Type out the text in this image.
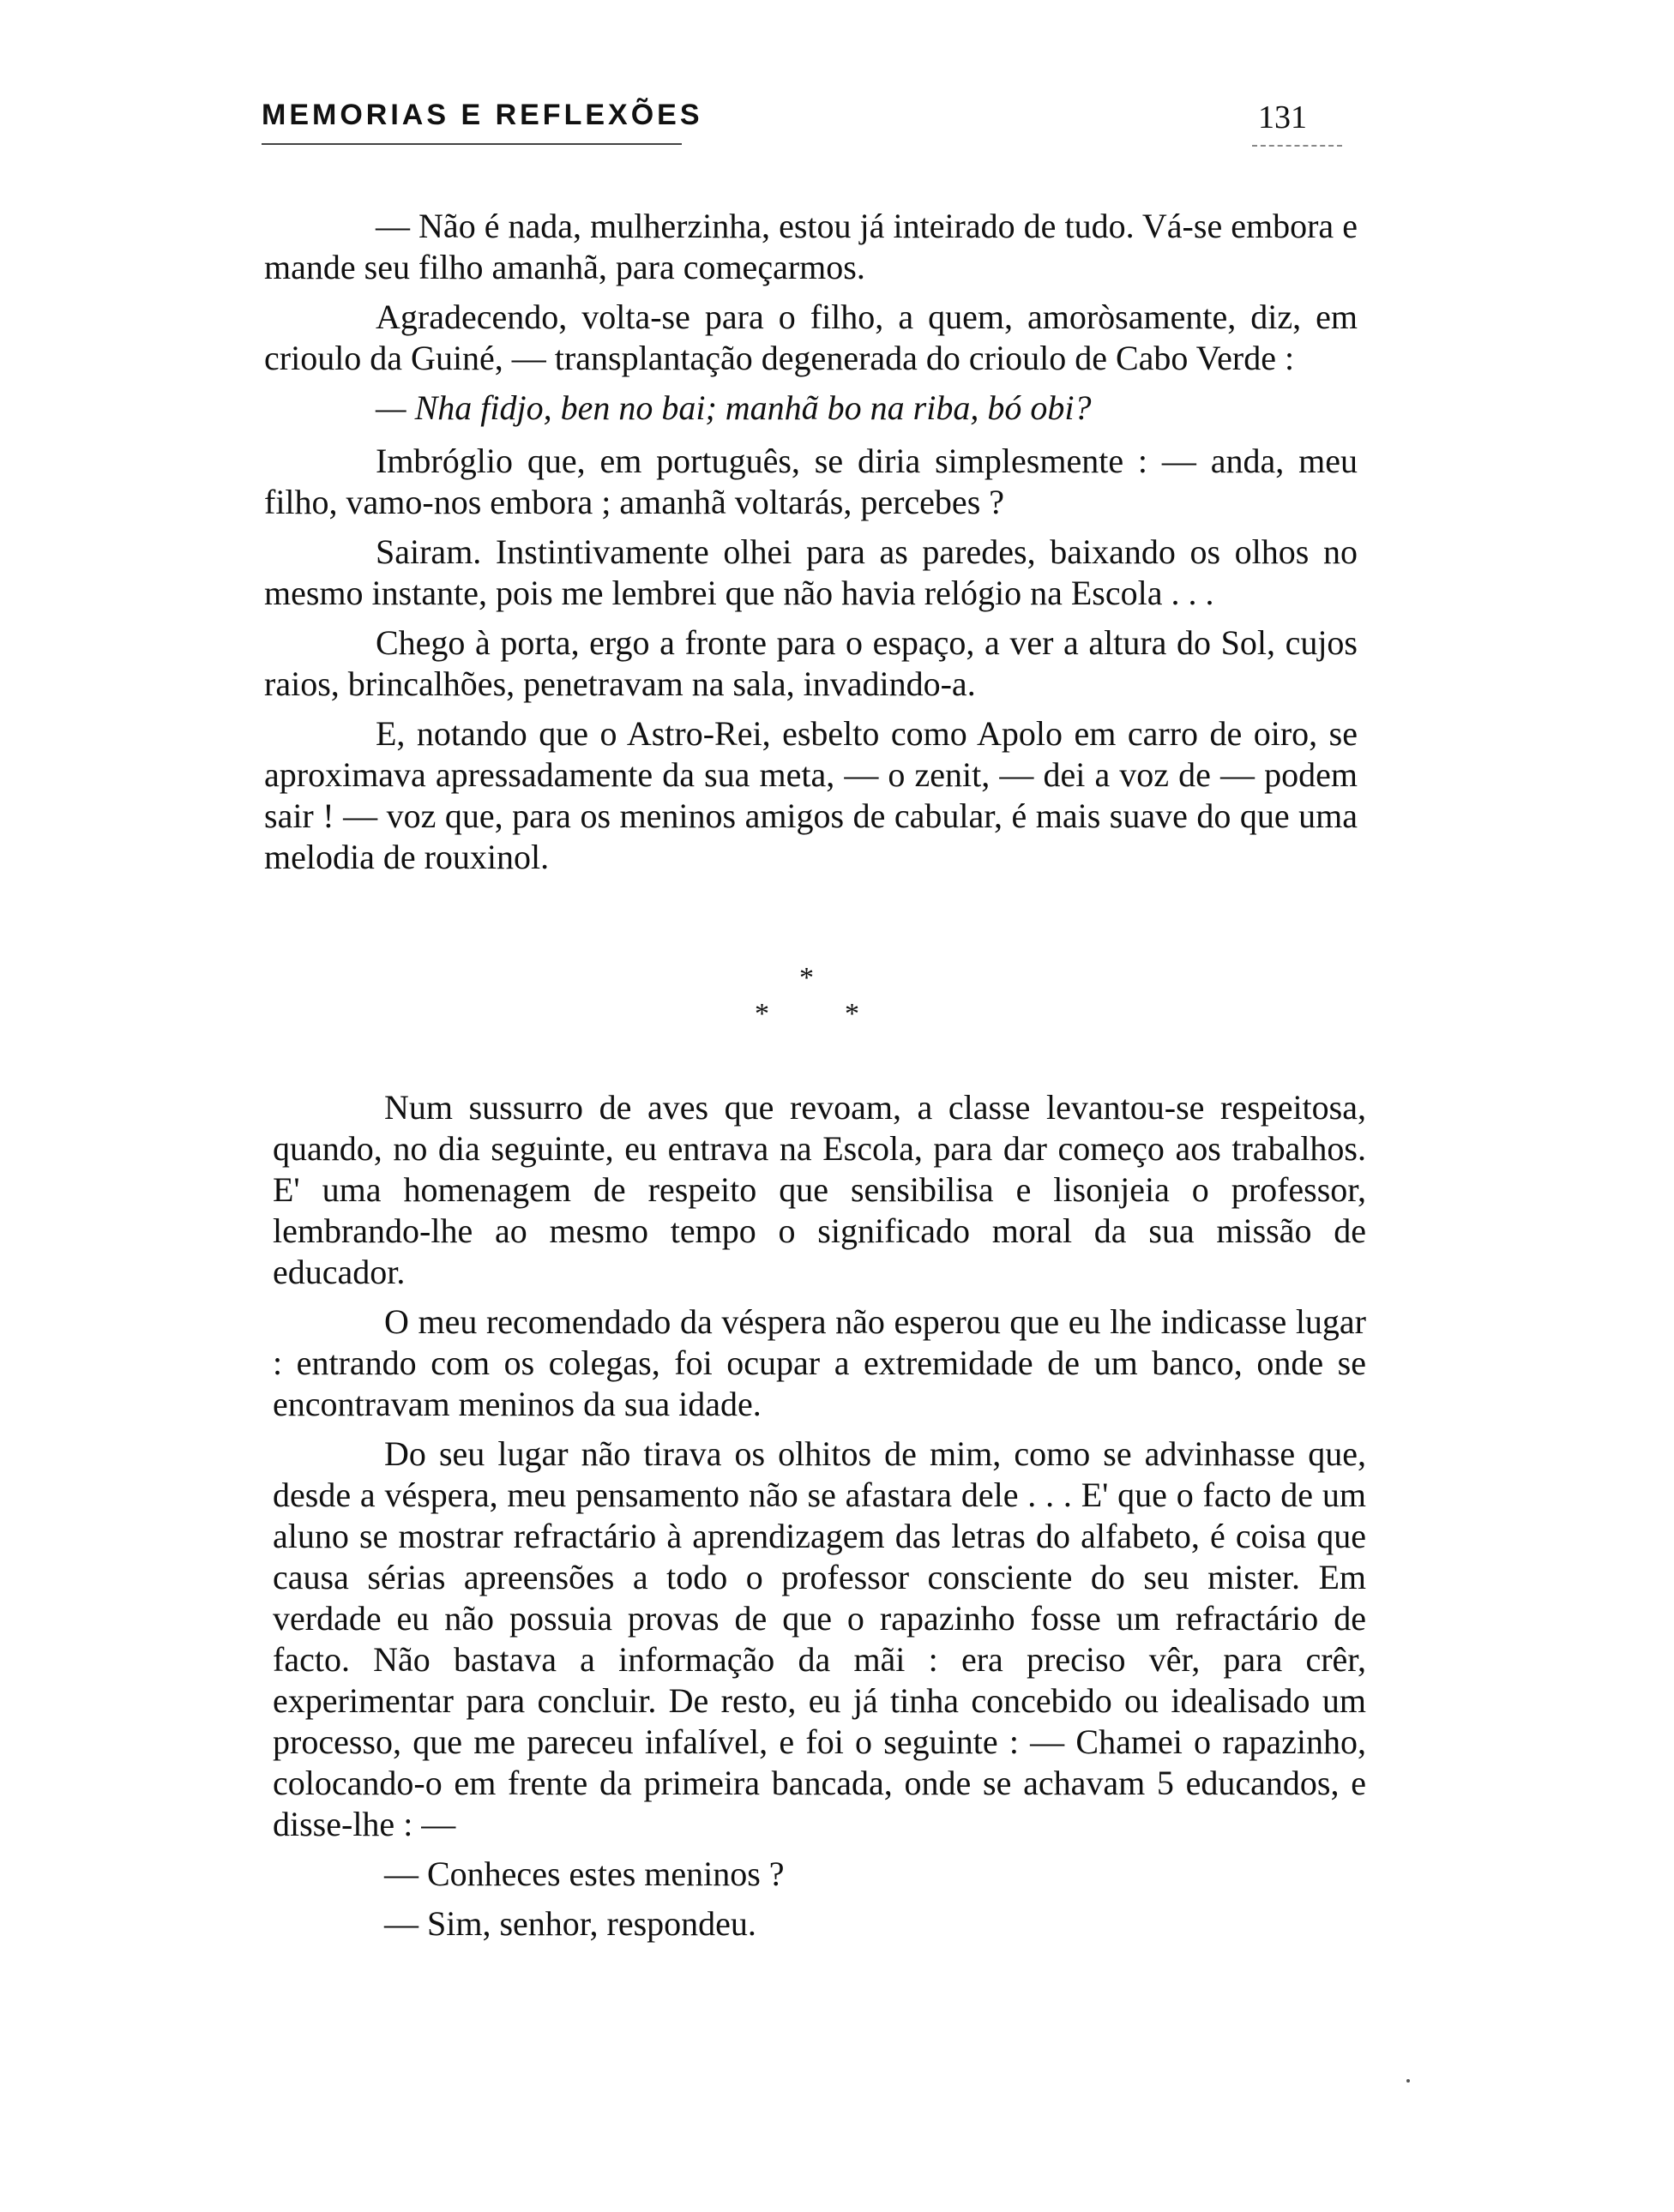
MEMORIAS E REFLEXÕES	131

— Não é nada, mulherzinha, estou já inteirado de tudo. Vá-se embora e mande seu filho amanhã, para começarmos.

Agradecendo, volta-se para o filho, a quem, amoròsamente, diz, em crioulo da Guiné, — transplantação degenerada do crioulo de Cabo Verde :

— Nha fidjo, ben no bai; manhã bo na riba, bó obi?

Imbróglio que, em português, se diria simplesmente : — anda, meu filho, vamo-nos embora ; amanhã voltarás, percebes ?

Sairam. Instintivamente olhei para as paredes, baixando os olhos no mesmo instante, pois me lembrei que não havia relógio na Escola . . .

Chego à porta, ergo a fronte para o espaço, a ver a altura do Sol, cujos raios, brincalhões, penetravam na sala, invadindo-a.

E, notando que o Astro-Rei, esbelto como Apolo em carro de oiro, se aproximava apressadamente da sua meta, — o zenit, — dei a voz de — podem sair ! — voz que, para os meninos amigos de cabular, é mais suave do que uma melodia de rouxinol.

*
*	*

Num sussurro de aves que revoam, a classe levantou-se respeitosa, quando, no dia seguinte, eu entrava na Escola, para dar começo aos trabalhos. E' uma homenagem de respeito que sensibilisa e lisonjeia o professor, lembrando-lhe ao mesmo tempo o significado moral da sua missão de educador.

O meu recomendado da véspera não esperou que eu lhe indicasse lugar : entrando com os colegas, foi ocupar a extremidade de um banco, onde se encontravam meninos da sua idade.

Do seu lugar não tirava os olhitos de mim, como se advinhasse que, desde a véspera, meu pensamento não se afastara dele . . . E' que o facto de um aluno se mostrar refractário à aprendizagem das letras do alfabeto, é coisa que causa sérias apreensões a todo o professor consciente do seu mister. Em verdade eu não possuia provas de que o rapazinho fosse um refractário de facto. Não bastava a informação da mãi : era preciso vêr, para crêr, experimentar para concluir. De resto, eu já tinha concebido ou idealisado um processo, que me pareceu infalível, e foi o seguinte : — Chamei o rapazinho, colocando-o em frente da primeira bancada, onde se achavam 5 educandos, e disse-lhe : —

— Conheces estes meninos ?

— Sim, senhor, respondeu.
